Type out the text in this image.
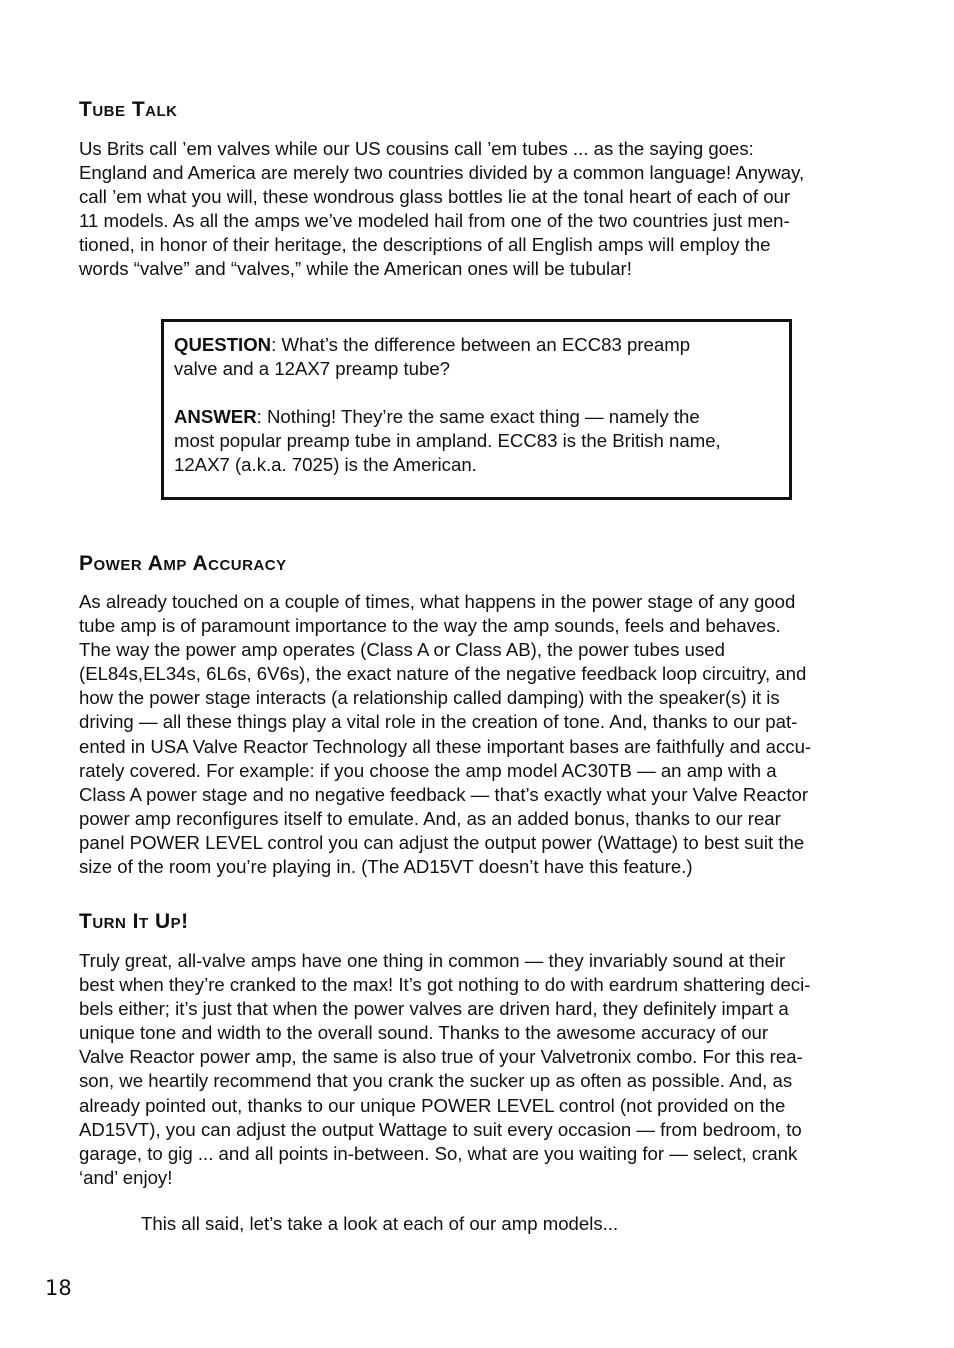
Tube Talk
Us Brits call ’em valves while our US cousins call ’em tubes ... as the saying goes:
England and America are merely two countries divided by a common language! Anyway,
call ’em what you will, these wondrous glass bottles lie at the tonal heart of each of our
11 models. As all the amps we’ve modeled hail from one of the two countries just men-
tioned, in honor of their heritage, the descriptions of all English amps will employ the
words “valve” and “valves,” while the American ones will be tubular!

QUESTION: What’s the difference between an ECC83 preamp
valve and a 12AX7 preamp tube?

ANSWER: Nothing! They’re the same exact thing — namely the
most popular preamp tube in ampland. ECC83 is the British name,
12AX7 (a.k.a. 7025) is the American.

Power Amp Accuracy
As already touched on a couple of times, what happens in the power stage of any good
tube amp is of paramount importance to the way the amp sounds, feels and behaves.
The way the power amp operates (Class A or Class AB), the power tubes used
(EL84s,EL34s, 6L6s, 6V6s), the exact nature of the negative feedback loop circuitry, and
how the power stage interacts (a relationship called damping) with the speaker(s) it is
driving — all these things play a vital role in the creation of tone. And, thanks to our pat-
ented in USA Valve Reactor Technology all these important bases are faithfully and accu-
rately covered. For example: if you choose the amp model AC30TB — an amp with a
Class A power stage and no negative feedback — that’s exactly what your Valve Reactor
power amp reconfigures itself to emulate. And, as an added bonus, thanks to our rear
panel POWER LEVEL control you can adjust the output power (Wattage) to best suit the
size of the room you’re playing in. (The AD15VT doesn’t have this feature.)
Turn It Up!
Truly great, all-valve amps have one thing in common — they invariably sound at their
best when they’re cranked to the max! It’s got nothing to do with eardrum shattering deci-
bels either; it’s just that when the power valves are driven hard, they definitely impart a
unique tone and width to the overall sound. Thanks to the awesome accuracy of our
Valve Reactor power amp, the same is also true of your Valvetronix combo. For this rea-
son, we heartily recommend that you crank the sucker up as often as possible. And, as
already pointed out, thanks to our unique POWER LEVEL control (not provided on the
AD15VT), you can adjust the output Wattage to suit every occasion — from bedroom, to
garage, to gig ... and all points in-between. So, what are you waiting for — select, crank
‘and’ enjoy!

This all said, let’s take a look at each of our amp models...

18
